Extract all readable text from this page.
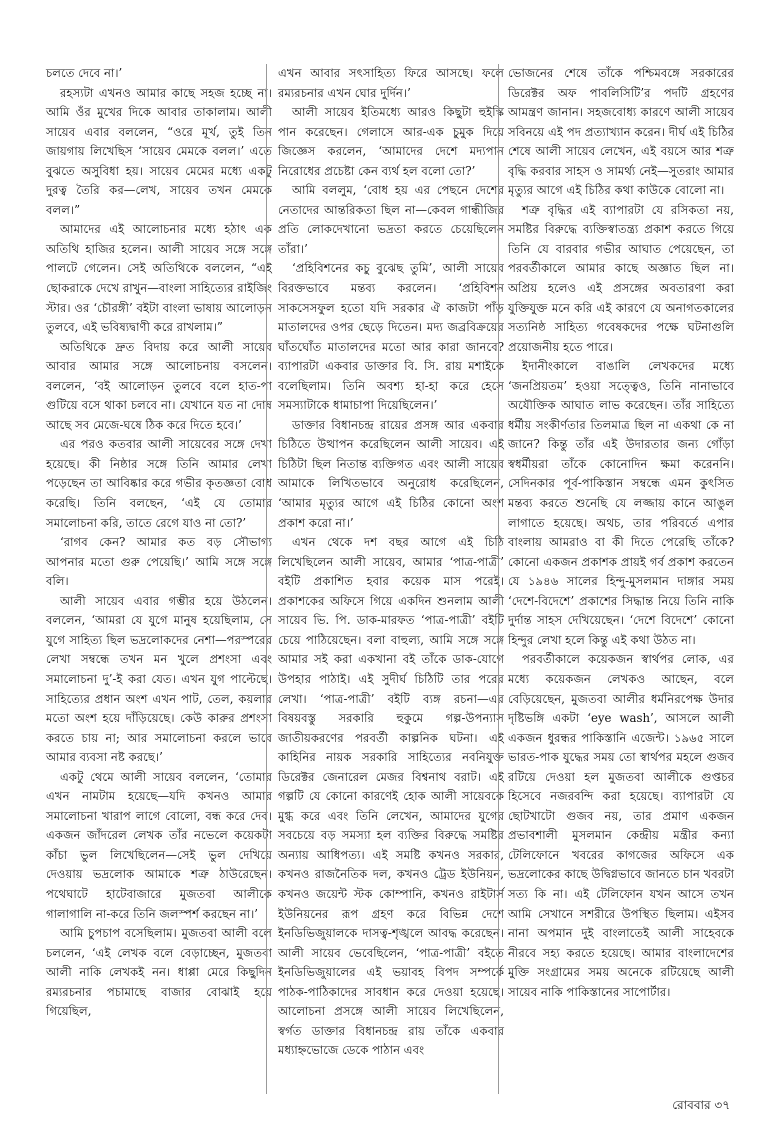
চলতে দেবে না।’

রহস্যটা এখনও আমার কাছে সহজ হচ্ছে না। আমি ওঁর মুখের দিকে আবার তাকালাম। আলী সায়েব এবার বললেন, “ওরে মূর্খ, তুই তিন জায়গায় লিখেছিস ‘সায়েব মেমকে বলল।’ এতে বুঝতে অসুবিধা হয়। সায়েব মেমের মধ্যে একটু দুরত্ব তৈরি কর—লেখ, সায়েব তখন মেমকে বলল।”

আমাদের এই আলোচনার মধ্যে হঠাৎ এক অতিথি হাজির হলেন। আলী সায়েব সঙ্গে সঙ্গে পালটে গেলেন। সেই অতিথিকে বললেন, “এই ছোকরাকে দেখে রাখুন—বাংলা সাহিত্যের রাইজিং স্টার। ওর ‘চৌরঙ্গী’ বইটা বাংলা ভাষায় আলোড়ন তুলবে, এই ভবিষ্যদ্বাণী করে রাখলাম।”

অতিথিকে দ্রুত বিদায় করে আলী সায়েব আবার আমার সঙ্গে আলোচনায় বসলেন। বললেন, ‘বই আলোড়ন তুলবে বলে হাত-পা গুটিয়ে বসে থাকা চলবে না। যেখানে যত না দোষ আছে সব মেজে-ঘষে ঠিক করে দিতে হবে।’

এর পরও কতবার আলী সায়েবের সঙ্গে দেখা হয়েছে। কী নিষ্ঠার সঙ্গে তিনি আমার লেখা পড়েছেন তা আবিষ্কার করে গভীর কৃতজ্ঞতা বোধ করেছি। তিনি বলছেন, ‘এই যে তোমার সমালোচনা করি, তাতে রেগে যাও না তো?’

‘রাগব কেন? আমার কত বড় সৌভাগ্য আপনার মতো গুরু পেয়েছি।’ আমি সঙ্গে সঙ্গে বলি।

আলী সায়েব এবার গম্ভীর হয়ে উঠলেন। বললেন, ‘আমরা যে যুগে মানুষ হয়েছিলাম, সে যুগে সাহিত্য ছিল ভদ্রলোকদের নেশা—পরস্পরের লেখা সম্বন্ধে তখন মন খুলে প্রশংসা এবং সমালোচনা দু’-ই করা যেত। এখন যুগ পাল্টেছে। সাহিত্যের প্রধান অংশ এখন পাট, তেল, কয়লার মতো অংশ হয়ে দাঁড়িয়েছে। কেউ কারুর প্রশংসা করতে চায় না; আর সমালোচনা করলে ভাবে আমার ব্যবসা নষ্ট করছে।’

একটু থেমে আলী সায়েব বললেন, ‘তোমার এখন নামটাম হয়েছে—যদি কখনও আমার সমালোচনা খারাপ লাগে বোলো, বন্ধ করে দেব। একজন জাঁদরেল লেখক তাঁর নভেলে কয়েকটা কাঁচা ভুল লিখেছিলেন—সেই ভুল দেখিয়ে দেওয়ায় ভদ্রলোক আমাকে শত্রু ঠাউরেছেন। পথেঘাটে হাটেবাজারে মুজতবা আলীকে গালাগালি না-করে তিনি জলস্পর্শ করছেন না।’

আমি চুপচাপ বসেছিলাম। মুজতবা আলী বলে চললেন, ‘এই লেখক বলে বেড়াচ্ছেন, মুজতবা আলী নাকি লেখকই নন। ধাপ্পা মেরে কিছুদিন রম্যরচনার পচামাছে বাজার বোঝাই হয়ে গিয়েছিল,

এখন আবার সৎসাহিত্য ফিরে আসছে। ফলে রম্যরচনার এখন ঘোর দুর্দিন।’

আলী সায়েব ইতিমধ্যে আরও কিছুটা হুইস্কি পান করেছেন। গেলাসে আর-এক চুমুক দিয়ে জিজ্ঞেস করলেন, ‘আমাদের দেশে মদ্যপান নিরোধের প্রচেষ্টা কেন ব্যর্থ হল বলো তো?’

আমি বললুম, ‘বোধ হয় এর পেছনে দেশের নেতাদের আন্তরিকতা ছিল না—কেবল গান্ধীজির প্রতি লোকদেখানো ভদ্রতা করতে চেয়েছিলেন তাঁরা।’

‘প্রহিবিশনের কচু বুঝেছ তুমি’, আলী সায়েব বিরক্তভাবে মন্তব্য করলেন। ‘প্রহিবিশন সাকসেসফুল হতো যদি সরকার ঐ কাজটা পাঁড় মাতালদের ওপর ছেড়ে দিতেন। মদ্য জব্রবিক্রয়ের ঘাঁতঘোঁত মাতালদের মতো আর কারা জানবে? ব্যাপারটা একবার ডাক্তার বি. সি. রায় মশাইকে বলেছিলাম। তিনি অবশ্য হা-হা করে হেসে সমস্যাটাকে ধামাচাপা দিয়েছিলেন।’

ডাক্তার বিধানচন্দ্র রায়ের প্রসঙ্গ আর একবার চিঠিতে উত্থাপন করেছিলেন আলী সায়েব। এই চিঠিটা ছিল নিতান্ত ব্যক্তিগত এবং আলী সায়েব আমাকে লিখিতভাবে অনুরোধ করেছিলেন, ‘আমার মৃত্যুর আগে এই চিঠির কোনো অংশ প্রকাশ করো না।’

এখন থেকে দশ বছর আগে এই চিঠি লিখেছিলেন আলী সায়েব, আমার ‘পাত্র-পাত্রী’ বইটি প্রকাশিত হবার কয়েক মাস পরেই। প্রকাশকের অফিসে গিয়ে একদিন শুনলাম আলী সায়েব ভি. পি. ডাক-মারফত ‘পাত্র-পাত্রী’ বইটি চেয়ে পাঠিয়েছেন। বলা বাহুল্য, আমি সঙ্গে সঙ্গে আমার সই করা একখানা বই তাঁকে ডাক-যোগে উপহার পাঠাই। এই সুদীর্ঘ চিঠিটি তার পরের লেখা। ‘পাত্র-পাত্রী’ বইটি ব্যঙ্গ রচনা—এর বিষয়বস্তু সরকারি হুকুমে গল্প-উপন্যাস জাতীয়করণের পরবর্তী কাল্পনিক ঘটনা। এই কাহিনির নায়ক সরকারি সাহিত্যের নবনিযুক্ত ডিরেক্টর জেনারেল মেজর বিশ্বনাথ বরাট। এই গল্পটি যে কোনো কারণেই হোক আলী সায়েবকে মুগ্ধ করে এবং তিনি লেখেন, আমাদের যুগের সবচেয়ে বড় সমস্যা হল ব্যক্তির বিরুদ্ধে সমষ্টির অন্যায় আধিপত্য। এই সমষ্টি কখনও সরকার, কখনও রাজনৈতিক দল, কখনও ট্রেড ইউনিয়ন, কখনও জয়েন্ট স্টক কোম্পানি, কখনও রাইটার্স ইউনিয়নের রূপ গ্রহণ করে বিভিন্ন দেশে ইনডিভিজুয়ালকে দাসত্ব-শৃঙ্খলে আবদ্ধ করেছেন। আলী সায়েব ভেবেছিলেন, ‘পাত্র-পাত্রী’ বইতে ইনডিভিজুয়ালের এই ভয়াবহ বিপদ সম্পর্কে পাঠক-পাঠিকাদের সাবধান করে দেওয়া হয়েছে। আলোচনা প্রসঙ্গে আলী সায়েব লিখেছিলেন, স্বর্গত ডাক্তার বিধানচন্দ্র রায় তাঁকে একবার মধ্যাহ্নভোজে ডেকে পাঠান এবং

ভোজনের শেষে তাঁকে পশ্চিমবঙ্গে সরকারের ডিরেক্টর অফ পাবলিসিটি’র পদটি গ্রহণের আমন্ত্রণ জানান। সহজবোধ্য কারণে আলী সায়েব সবিনয়ে এই পদ প্রত্যাখ্যান করেন। দীর্ঘ এই চিঠির শেষে আলী সায়েব লেখেন, এই বয়সে আর শত্রু বৃদ্ধি করবার সাহস ও সামর্থ্য নেই—সুতরাং আমার মৃত্যুর আগে এই চিঠির কথা কাউকে বোলো না।

শত্রু বৃদ্ধির এই ব্যাপারটা যে রসিকতা নয়, সমষ্টির বিরুদ্ধে ব্যক্তিস্বাতন্ত্র্য প্রকাশ করতে গিয়ে তিনি যে বারবার গভীর আঘাত পেয়েছেন, তা পরবর্তীকালে আমার কাছে অজ্ঞাত ছিল না। অপ্রিয় হলেও এই প্রসঙ্গের অবতারণা করা যুক্তিযুক্ত মনে করি এই কারণে যে অনাগতকালের সত্যনিষ্ঠ সাহিত্য গবেষকদের পক্ষে ঘটনাগুলি প্রয়োজনীয় হতে পারে।

ইদানীংকালে বাঙালি লেখকদের মধ্যে ‘জনপ্রিয়তম’ হওয়া সত্ত্বেও, তিনি নানাভাবে অযৌক্তিক আঘাত লাভ করেছেন। তাঁর সাহিত্যে ধর্মীয় সংকীর্ণতার তিলমাত্র ছিল না একথা কে না জানে? কিন্তু তাঁর এই উদারতার জন্য গোঁড়া স্বধর্মীয়রা তাঁকে কোনোদিন ক্ষমা করেননি। সেদিনকার পূর্ব-পাকিস্তান সম্বন্ধে এমন কুৎসিত মন্তব্য করতে শুনেছি যে লজ্জায় কানে আঙুল লাগাতে হয়েছে। অথচ, তার পরিবর্তে এপার বাংলায় আমরাও বা কী দিতে পেরেছি তাঁকে? কোনো একজন প্রকাশক প্রায়ই গর্ব প্রকাশ করতেন যে ১৯৪৬ সালের হিন্দু-মুসলমান দাঙ্গার সময় ‘দেশে-বিদেশে’ প্রকাশের সিদ্ধান্ত নিয়ে তিনি নাকি দুর্দান্ত সাহস দেখিয়েছেন। ‘দেশে বিদেশে’ কোনো হিন্দুর লেখা হলে কিন্তু এই কথা উঠত না।

পরবর্তীকালে কয়েকজন স্বার্থপর লোক, এর মধ্যে কয়েকজন লেখকও আছেন, বলে বেড়িয়েছেন, মুজতবা আলীর ধর্মনিরপেক্ষ উদার দৃষ্টিভঙ্গি একটা ‘eye wash’, আসলে আলী একজন ধুরন্ধর পাকিস্তানি এজেন্ট। ১৯৬৫ সালে ভারত-পাক যুদ্ধের সময় তো স্বার্থপর মহলে গুজব রটিয়ে দেওয়া হল মুজতবা আলীকে গুপ্তচর হিসেবে নজরবন্দি করা হয়েছে। ব্যাপারটা যে ছোটখাটো গুজব নয়, তার প্রমাণ একজন প্রভাবশালী মুসলমান কেন্দ্রীয় মন্ত্রীর কন্যা টেলিফোনে খবরের কাগজের অফিসে এক ভদ্রলোকের কাছে উদ্বিগ্নভাবে জানতে চান খবরটা সত্য কি না। এই টেলিফোন যখন আসে তখন আমি সেখানে সশরীরে উপস্থিত ছিলাম। এইসব নানা অপমান দুই বাংলাতেই আলী সাহেবকে নীরবে সহ্য করতে হয়েছে। আমার বাংলাদেশের মুক্তি সংগ্রামের সময় অনেকে রটিয়েছে আলী সায়েব নাকি পাকিস্তানের সাপোর্টার।

রোববার ৩৭
